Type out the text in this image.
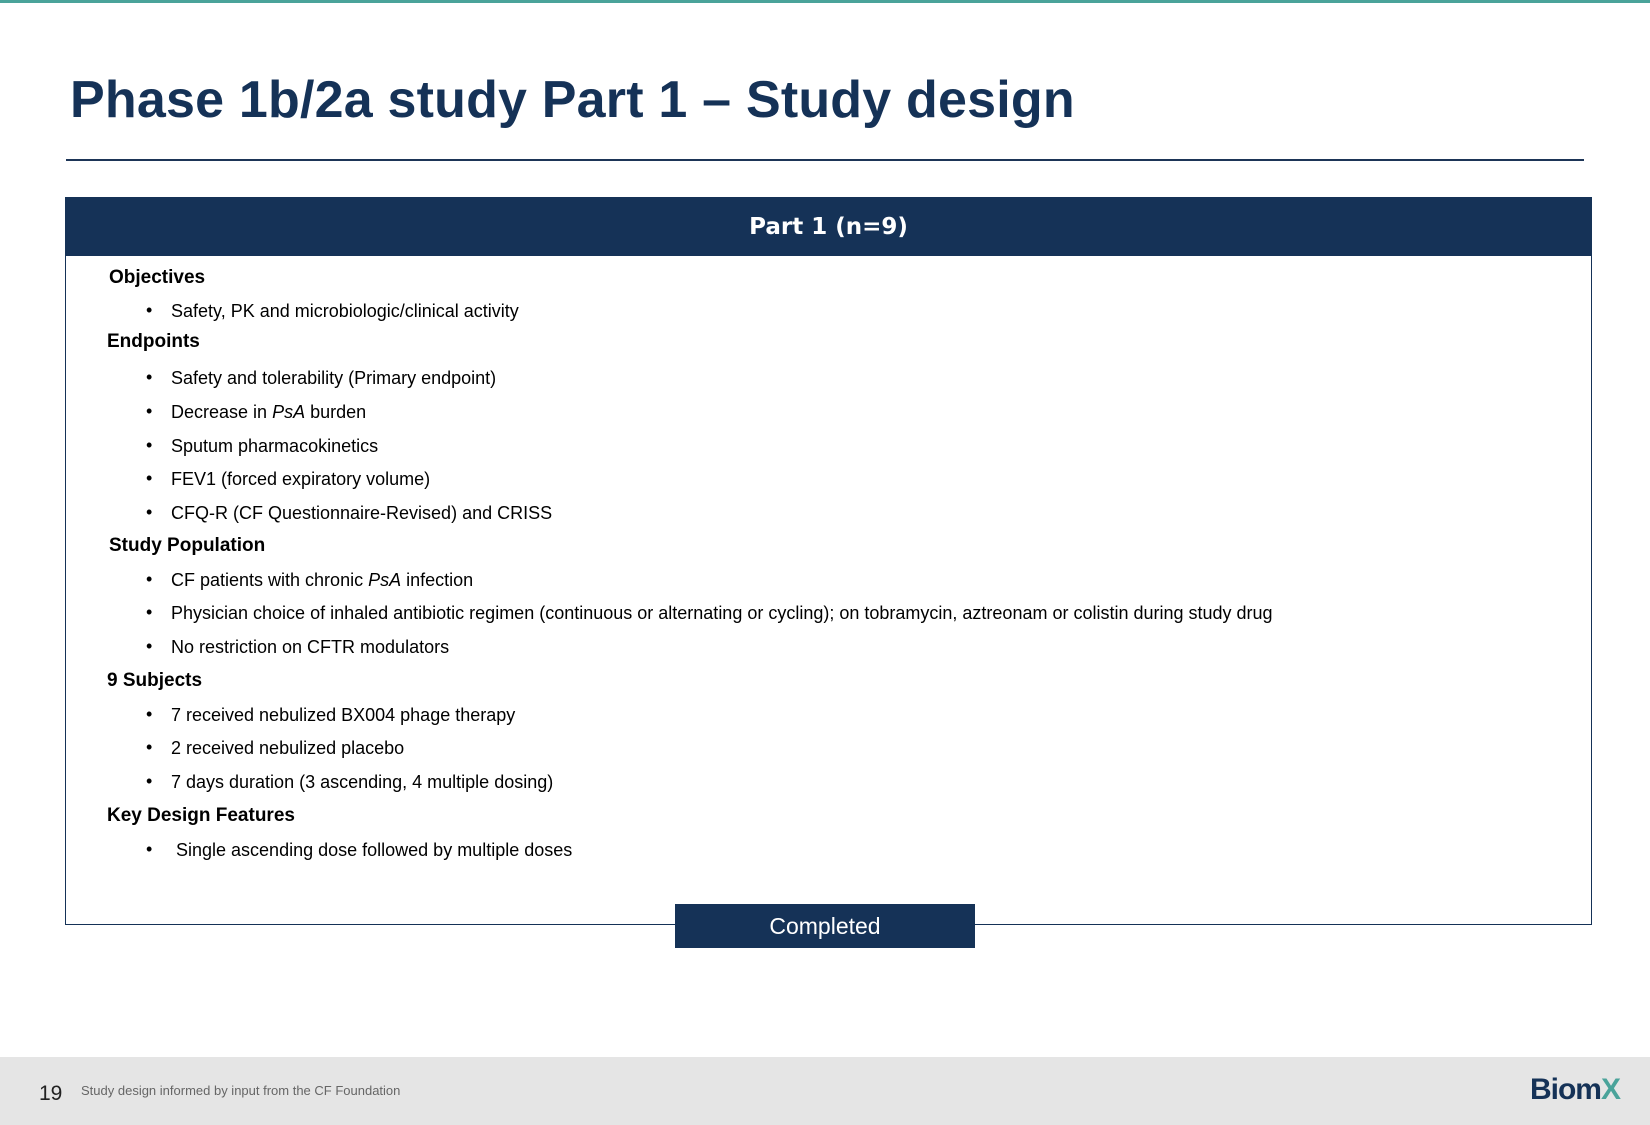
Phase 1b/2a study Part 1 – Study design
Part 1 (n=9)
Objectives
• Safety, PK and microbiologic/clinical activity
Endpoints
• Safety and tolerability (Primary endpoint)
• Decrease in PsA burden
• Sputum pharmacokinetics
• FEV1 (forced expiratory volume)
• CFQ-R (CF Questionnaire-Revised) and CRISS
Study Population
• CF patients with chronic PsA infection
• Physician choice of inhaled antibiotic regimen (continuous or alternating or cycling); on tobramycin, aztreonam or colistin during study drug
• No restriction on CFTR modulators
9 Subjects
• 7 received nebulized BX004 phage therapy
• 2 received nebulized placebo
• 7 days duration (3 ascending, 4 multiple dosing)
Key Design Features
• Single ascending dose followed by multiple doses
Completed
19 Study design informed by input from the CF Foundation	BiomX
